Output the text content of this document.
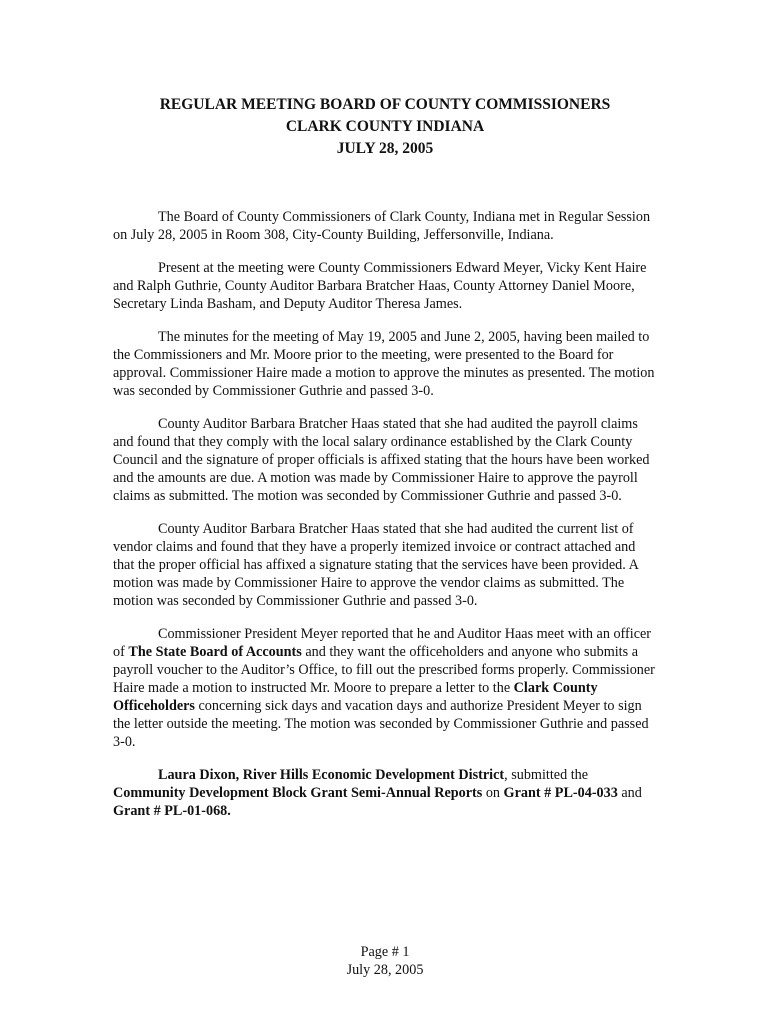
REGULAR MEETING BOARD OF COUNTY COMMISSIONERS
CLARK COUNTY INDIANA
JULY 28, 2005

The Board of County Commissioners of Clark County, Indiana met in Regular Session on July 28, 2005 in Room 308, City-County Building, Jeffersonville, Indiana.

Present at the meeting were County Commissioners Edward Meyer, Vicky Kent Haire and Ralph Guthrie, County Auditor Barbara Bratcher Haas, County Attorney Daniel Moore, Secretary Linda Basham, and Deputy Auditor Theresa James.

The minutes for the meeting of May 19, 2005 and June 2, 2005, having been mailed to the Commissioners and Mr. Moore prior to the meeting, were presented to the Board for approval. Commissioner Haire made a motion to approve the minutes as presented. The motion was seconded by Commissioner Guthrie and passed 3-0.

County Auditor Barbara Bratcher Haas stated that she had audited the payroll claims and found that they comply with the local salary ordinance established by the Clark County Council and the signature of proper officials is affixed stating that the hours have been worked and the amounts are due. A motion was made by Commissioner Haire to approve the payroll claims as submitted. The motion was seconded by Commissioner Guthrie and passed 3-0.

County Auditor Barbara Bratcher Haas stated that she had audited the current list of vendor claims and found that they have a properly itemized invoice or contract attached and that the proper official has affixed a signature stating that the services have been provided. A motion was made by Commissioner Haire to approve the vendor claims as submitted. The motion was seconded by Commissioner Guthrie and passed 3-0.

Commissioner President Meyer reported that he and Auditor Haas meet with an officer of The State Board of Accounts and they want the officeholders and anyone who submits a payroll voucher to the Auditor’s Office, to fill out the prescribed forms properly. Commissioner Haire made a motion to instructed Mr. Moore to prepare a letter to the Clark County Officeholders concerning sick days and vacation days and authorize President Meyer to sign the letter outside the meeting. The motion was seconded by Commissioner Guthrie and passed 3-0.

Laura Dixon, River Hills Economic Development District, submitted the Community Development Block Grant Semi-Annual Reports on Grant # PL-04-033 and Grant # PL-01-068.

Page # 1
July 28, 2005
